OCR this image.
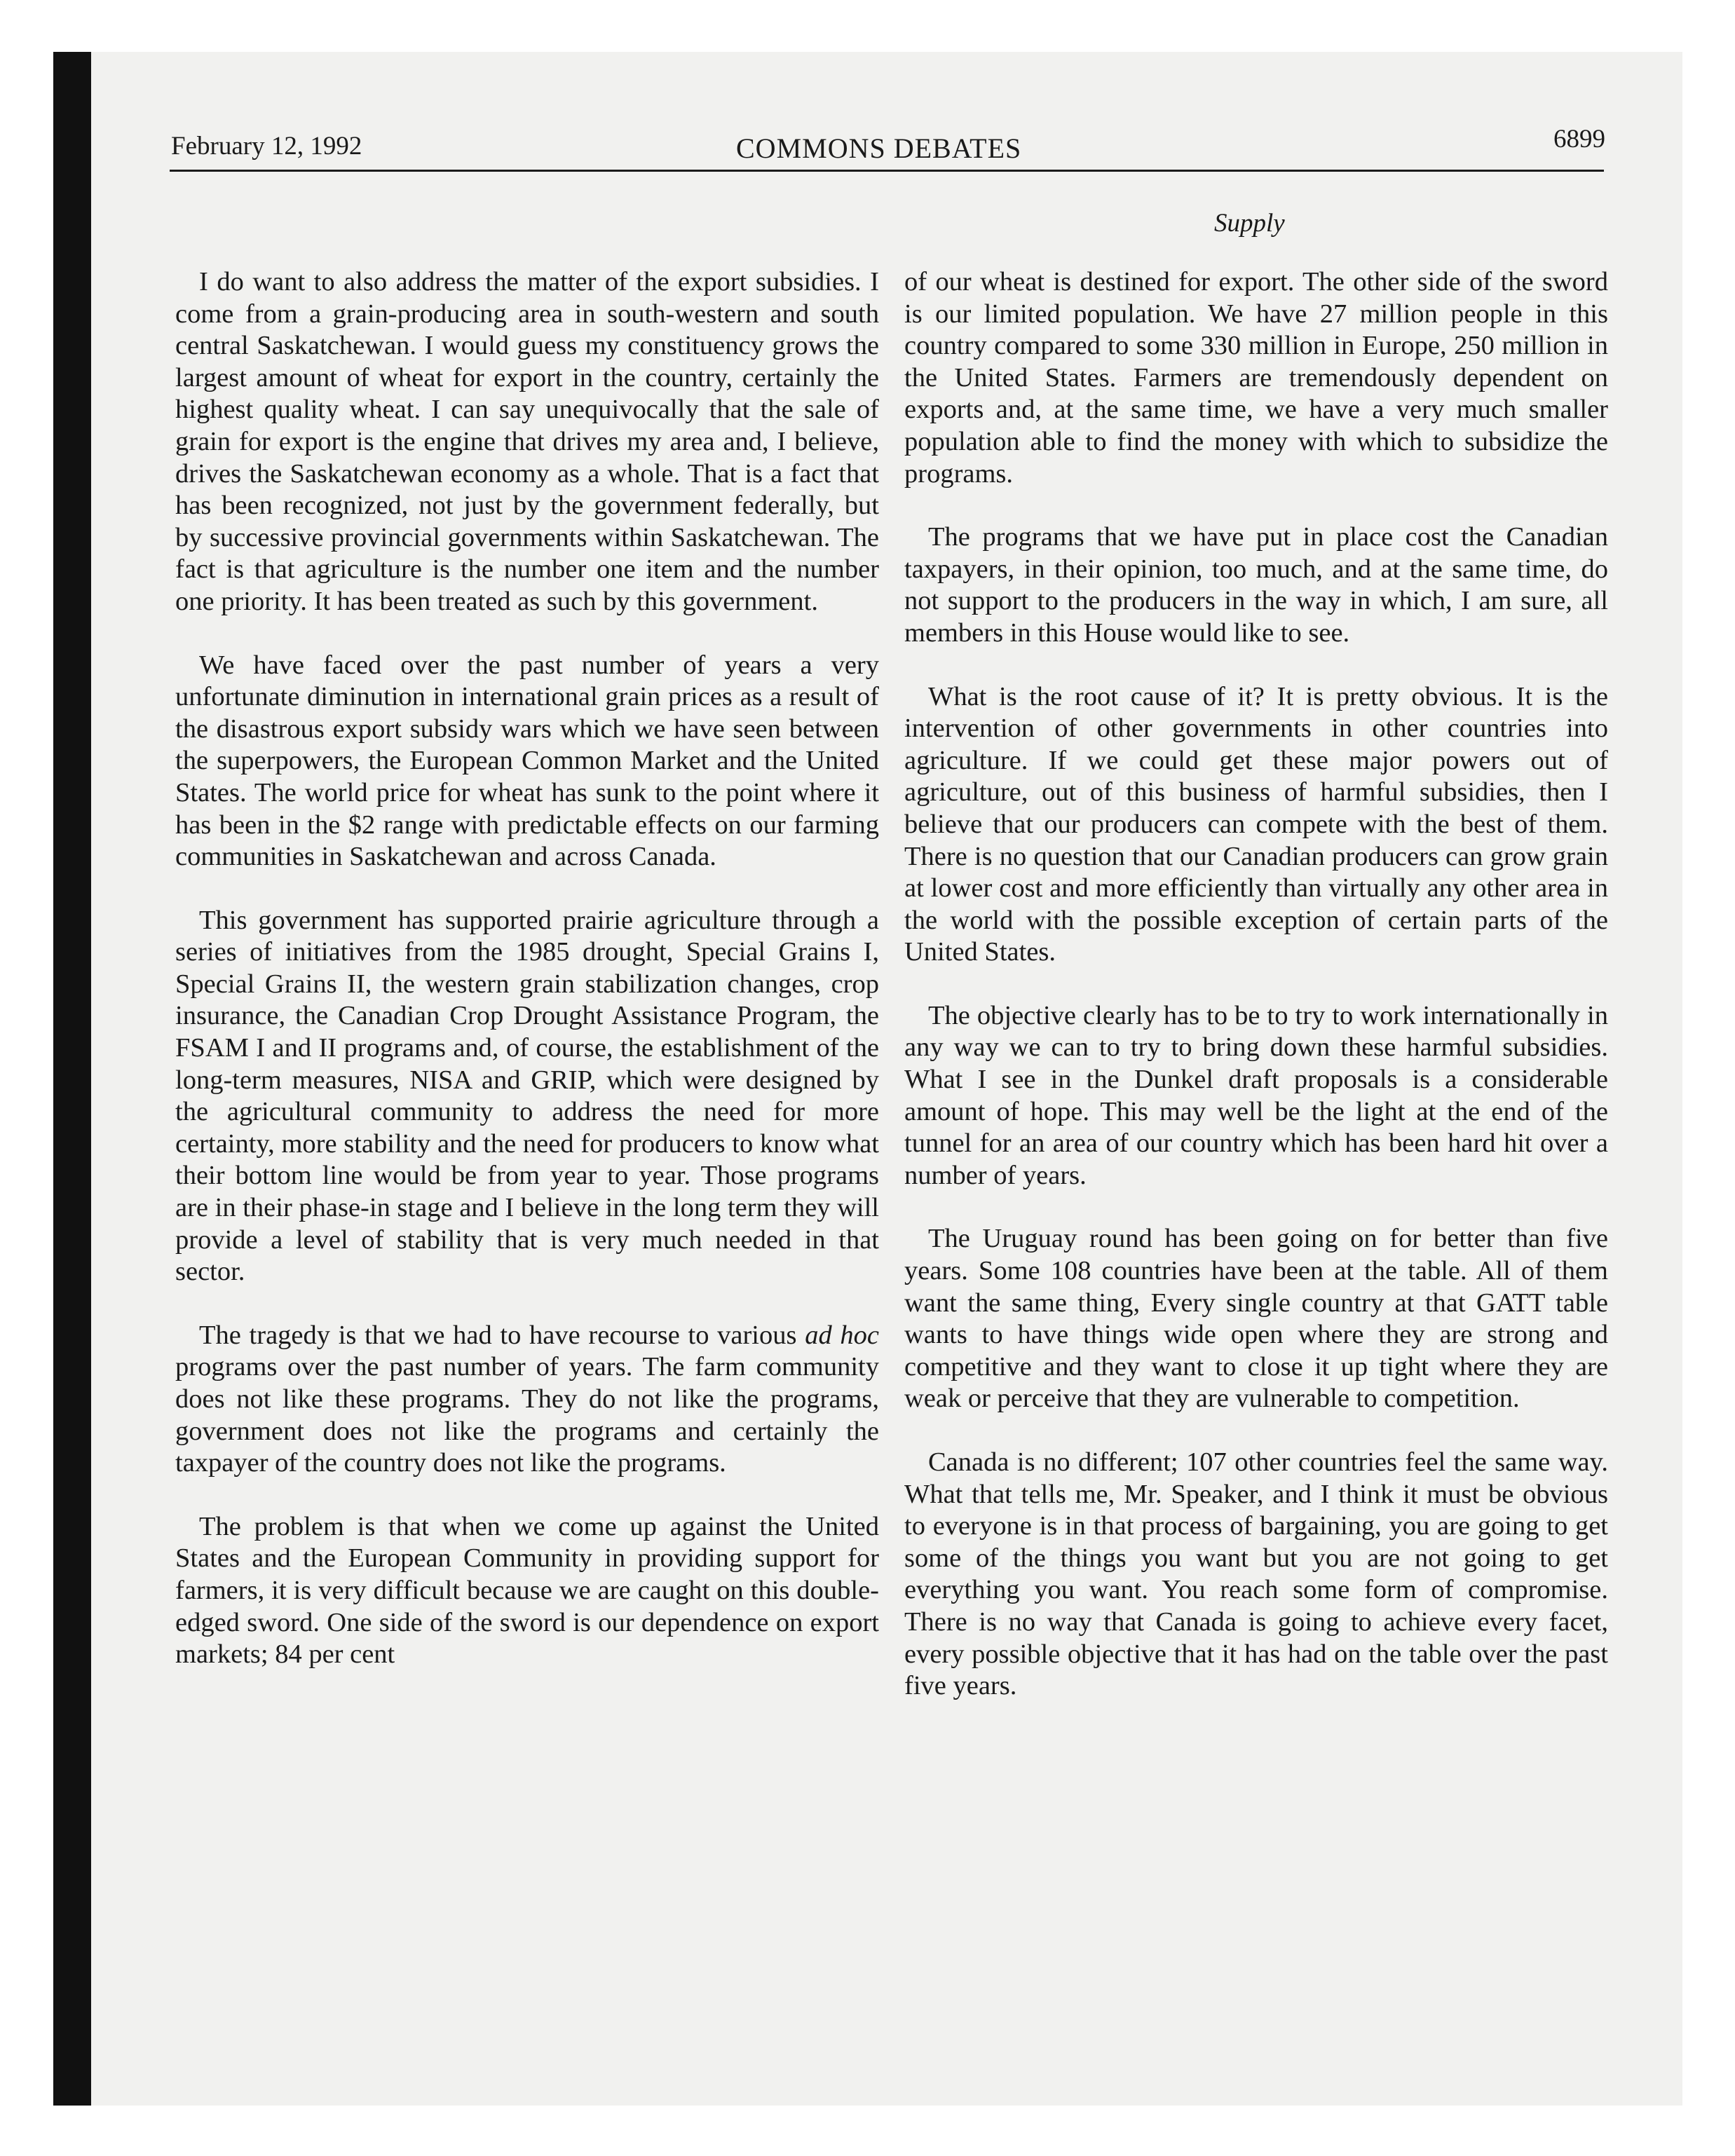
February 12, 1992	COMMONS DEBATES	6899
Supply

I do want to also address the matter of the export subsidies. I come from a grain-producing area in south-western and south central Saskatchewan. I would guess my constituency grows the largest amount of wheat for export in the country, certainly the highest quality wheat. I can say unequivocally that the sale of grain for export is the engine that drives my area and, I believe, drives the Saskatchewan economy as a whole. That is a fact that has been recognized, not just by the government federally, but by successive provincial governments within Saskatchewan. The fact is that agriculture is the number one item and the number one priority. It has been treated as such by this government.

We have faced over the past number of years a very unfortunate diminution in international grain prices as a result of the disastrous export subsidy wars which we have seen between the superpowers, the European Common Market and the United States. The world price for wheat has sunk to the point where it has been in the $2 range with predictable effects on our farming communities in Saskatchewan and across Canada.

This government has supported prairie agriculture through a series of initiatives from the 1985 drought, Special Grains I, Special Grains II, the western grain stabilization changes, crop insurance, the Canadian Crop Drought Assistance Program, the FSAM I and II programs and, of course, the establishment of the long-term measures, NISA and GRIP, which were designed by the agricultural community to address the need for more certainty, more stability and the need for producers to know what their bottom line would be from year to year. Those programs are in their phase-in stage and I believe in the long term they will provide a level of stability that is very much needed in that sector.

The tragedy is that we had to have recourse to various ad hoc programs over the past number of years. The farm community does not like these programs. They do not like the programs, government does not like the programs and certainly the taxpayer of the country does not like the programs.

The problem is that when we come up against the United States and the European Community in providing support for farmers, it is very difficult because we are caught on this double-edged sword. One side of the sword is our dependence on export markets; 84 per cent

of our wheat is destined for export. The other side of the sword is our limited population. We have 27 million people in this country compared to some 330 million in Europe, 250 million in the United States. Farmers are tremendously dependent on exports and, at the same time, we have a very much smaller population able to find the money with which to subsidize the programs.

The programs that we have put in place cost the Canadian taxpayers, in their opinion, too much, and at the same time, do not support to the producers in the way in which, I am sure, all members in this House would like to see.

What is the root cause of it? It is pretty obvious. It is the intervention of other governments in other countries into agriculture. If we could get these major powers out of agriculture, out of this business of harmful subsidies, then I believe that our producers can compete with the best of them. There is no question that our Canadian producers can grow grain at lower cost and more efficiently than virtually any other area in the world with the possible exception of certain parts of the United States.

The objective clearly has to be to try to work internationally in any way we can to try to bring down these harmful subsidies. What I see in the Dunkel draft proposals is a considerable amount of hope. This may well be the light at the end of the tunnel for an area of our country which has been hard hit over a number of years.

The Uruguay round has been going on for better than five years. Some 108 countries have been at the table. All of them want the same thing, Every single country at that GATT table wants to have things wide open where they are strong and competitive and they want to close it up tight where they are weak or perceive that they are vulnerable to competition.

Canada is no different; 107 other countries feel the same way. What that tells me, Mr. Speaker, and I think it must be obvious to everyone is in that process of bargaining, you are going to get some of the things you want but you are not going to get everything you want. You reach some form of compromise. There is no way that Canada is going to achieve every facet, every possible objective that it has had on the table over the past five years.
